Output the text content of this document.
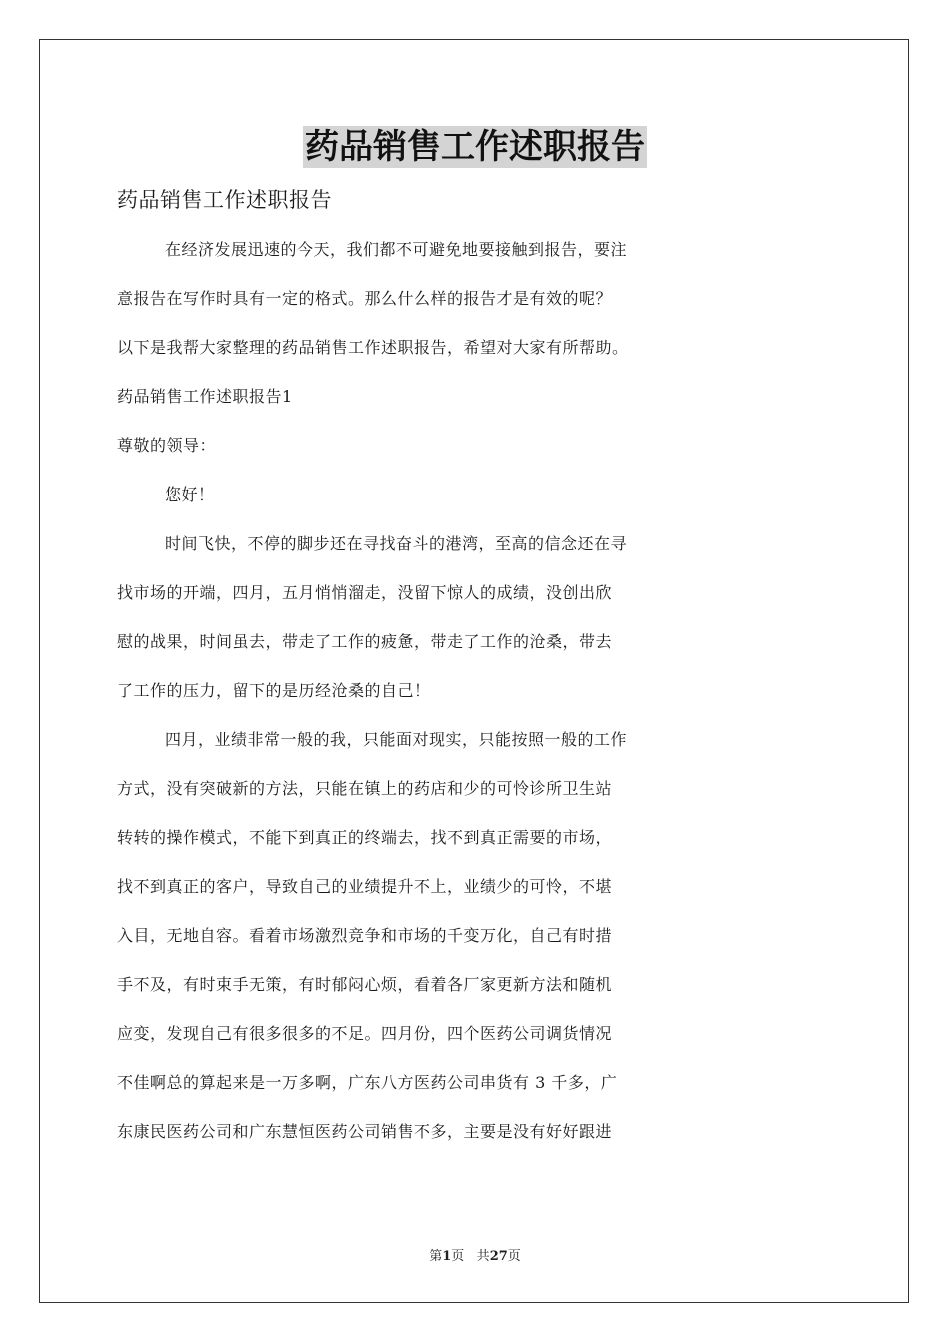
药品销售工作述职报告
药品销售工作述职报告
在经济发展迅速的今天，我们都不可避免地要接触到报告，要注
意报告在写作时具有一定的格式。那么什么样的报告才是有效的呢？
以下是我帮大家整理的药品销售工作述职报告，希望对大家有所帮助。
药品销售工作述职报告1
尊敬的领导：
您好！
时间飞快，不停的脚步还在寻找奋斗的港湾，至高的信念还在寻
找市场的开端，四月，五月悄悄溜走，没留下惊人的成绩，没创出欣
慰的战果，时间虽去，带走了工作的疲惫，带走了工作的沧桑，带去
了工作的压力，留下的是历经沧桑的自己！
四月，业绩非常一般的我，只能面对现实，只能按照一般的工作
方式，没有突破新的方法，只能在镇上的药店和少的可怜诊所卫生站
转转的操作模式，不能下到真正的终端去，找不到真正需要的市场，
找不到真正的客户，导致自己的业绩提升不上，业绩少的可怜，不堪
入目，无地自容。看着市场激烈竞争和市场的千变万化，自己有时措
手不及，有时束手无策，有时郁闷心烦，看着各厂家更新方法和随机
应变，发现自己有很多很多的不足。四月份，四个医药公司调货情况
不佳啊总的算起来是一万多啊，广东八方医药公司串货有 3 千多，广
东康民医药公司和广东慧恒医药公司销售不多，主要是没有好好跟进
第1页 共27页
